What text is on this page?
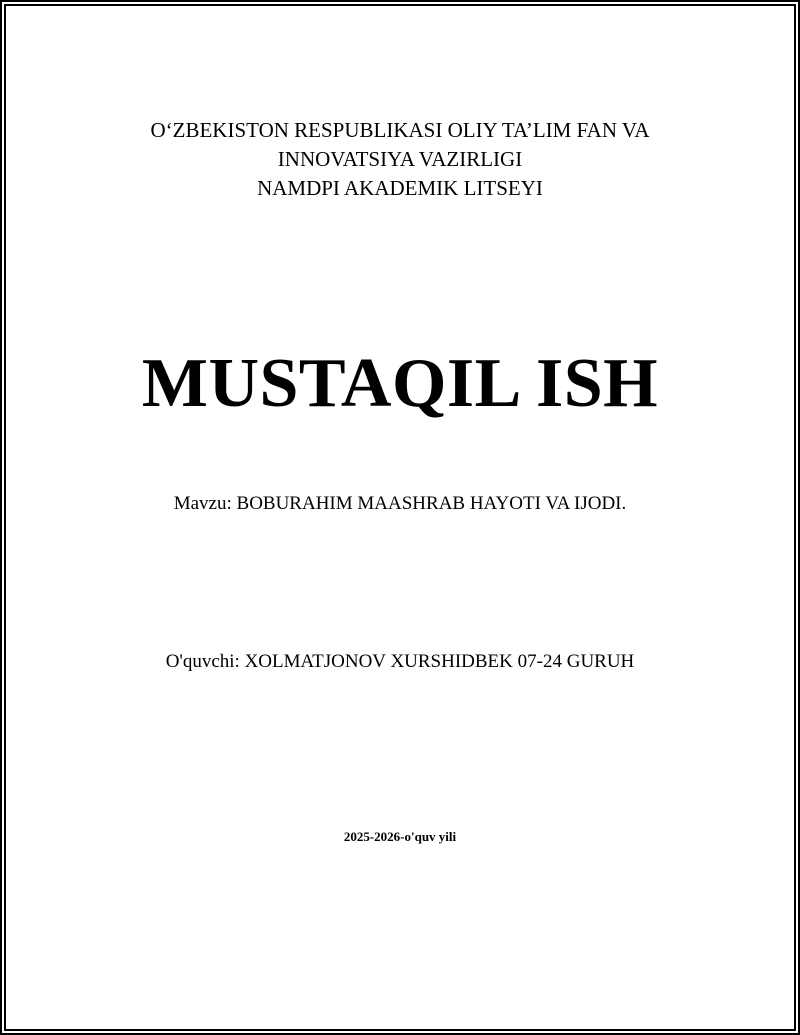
O‘ZBEKISTON RESPUBLIKASI OLIY TA’LIM FAN VA
INNOVATSIYA VAZIRLIGI
NAMDPI AKADEMIK LITSEYI
MUSTAQIL ISH
Mavzu: BOBURAHIM MAASHRAB HAYOTI VA IJODI.
O'quvchi: XOLMATJONOV XURSHIDBEK 07-24 GURUH
2025-2026-o'quv yili
